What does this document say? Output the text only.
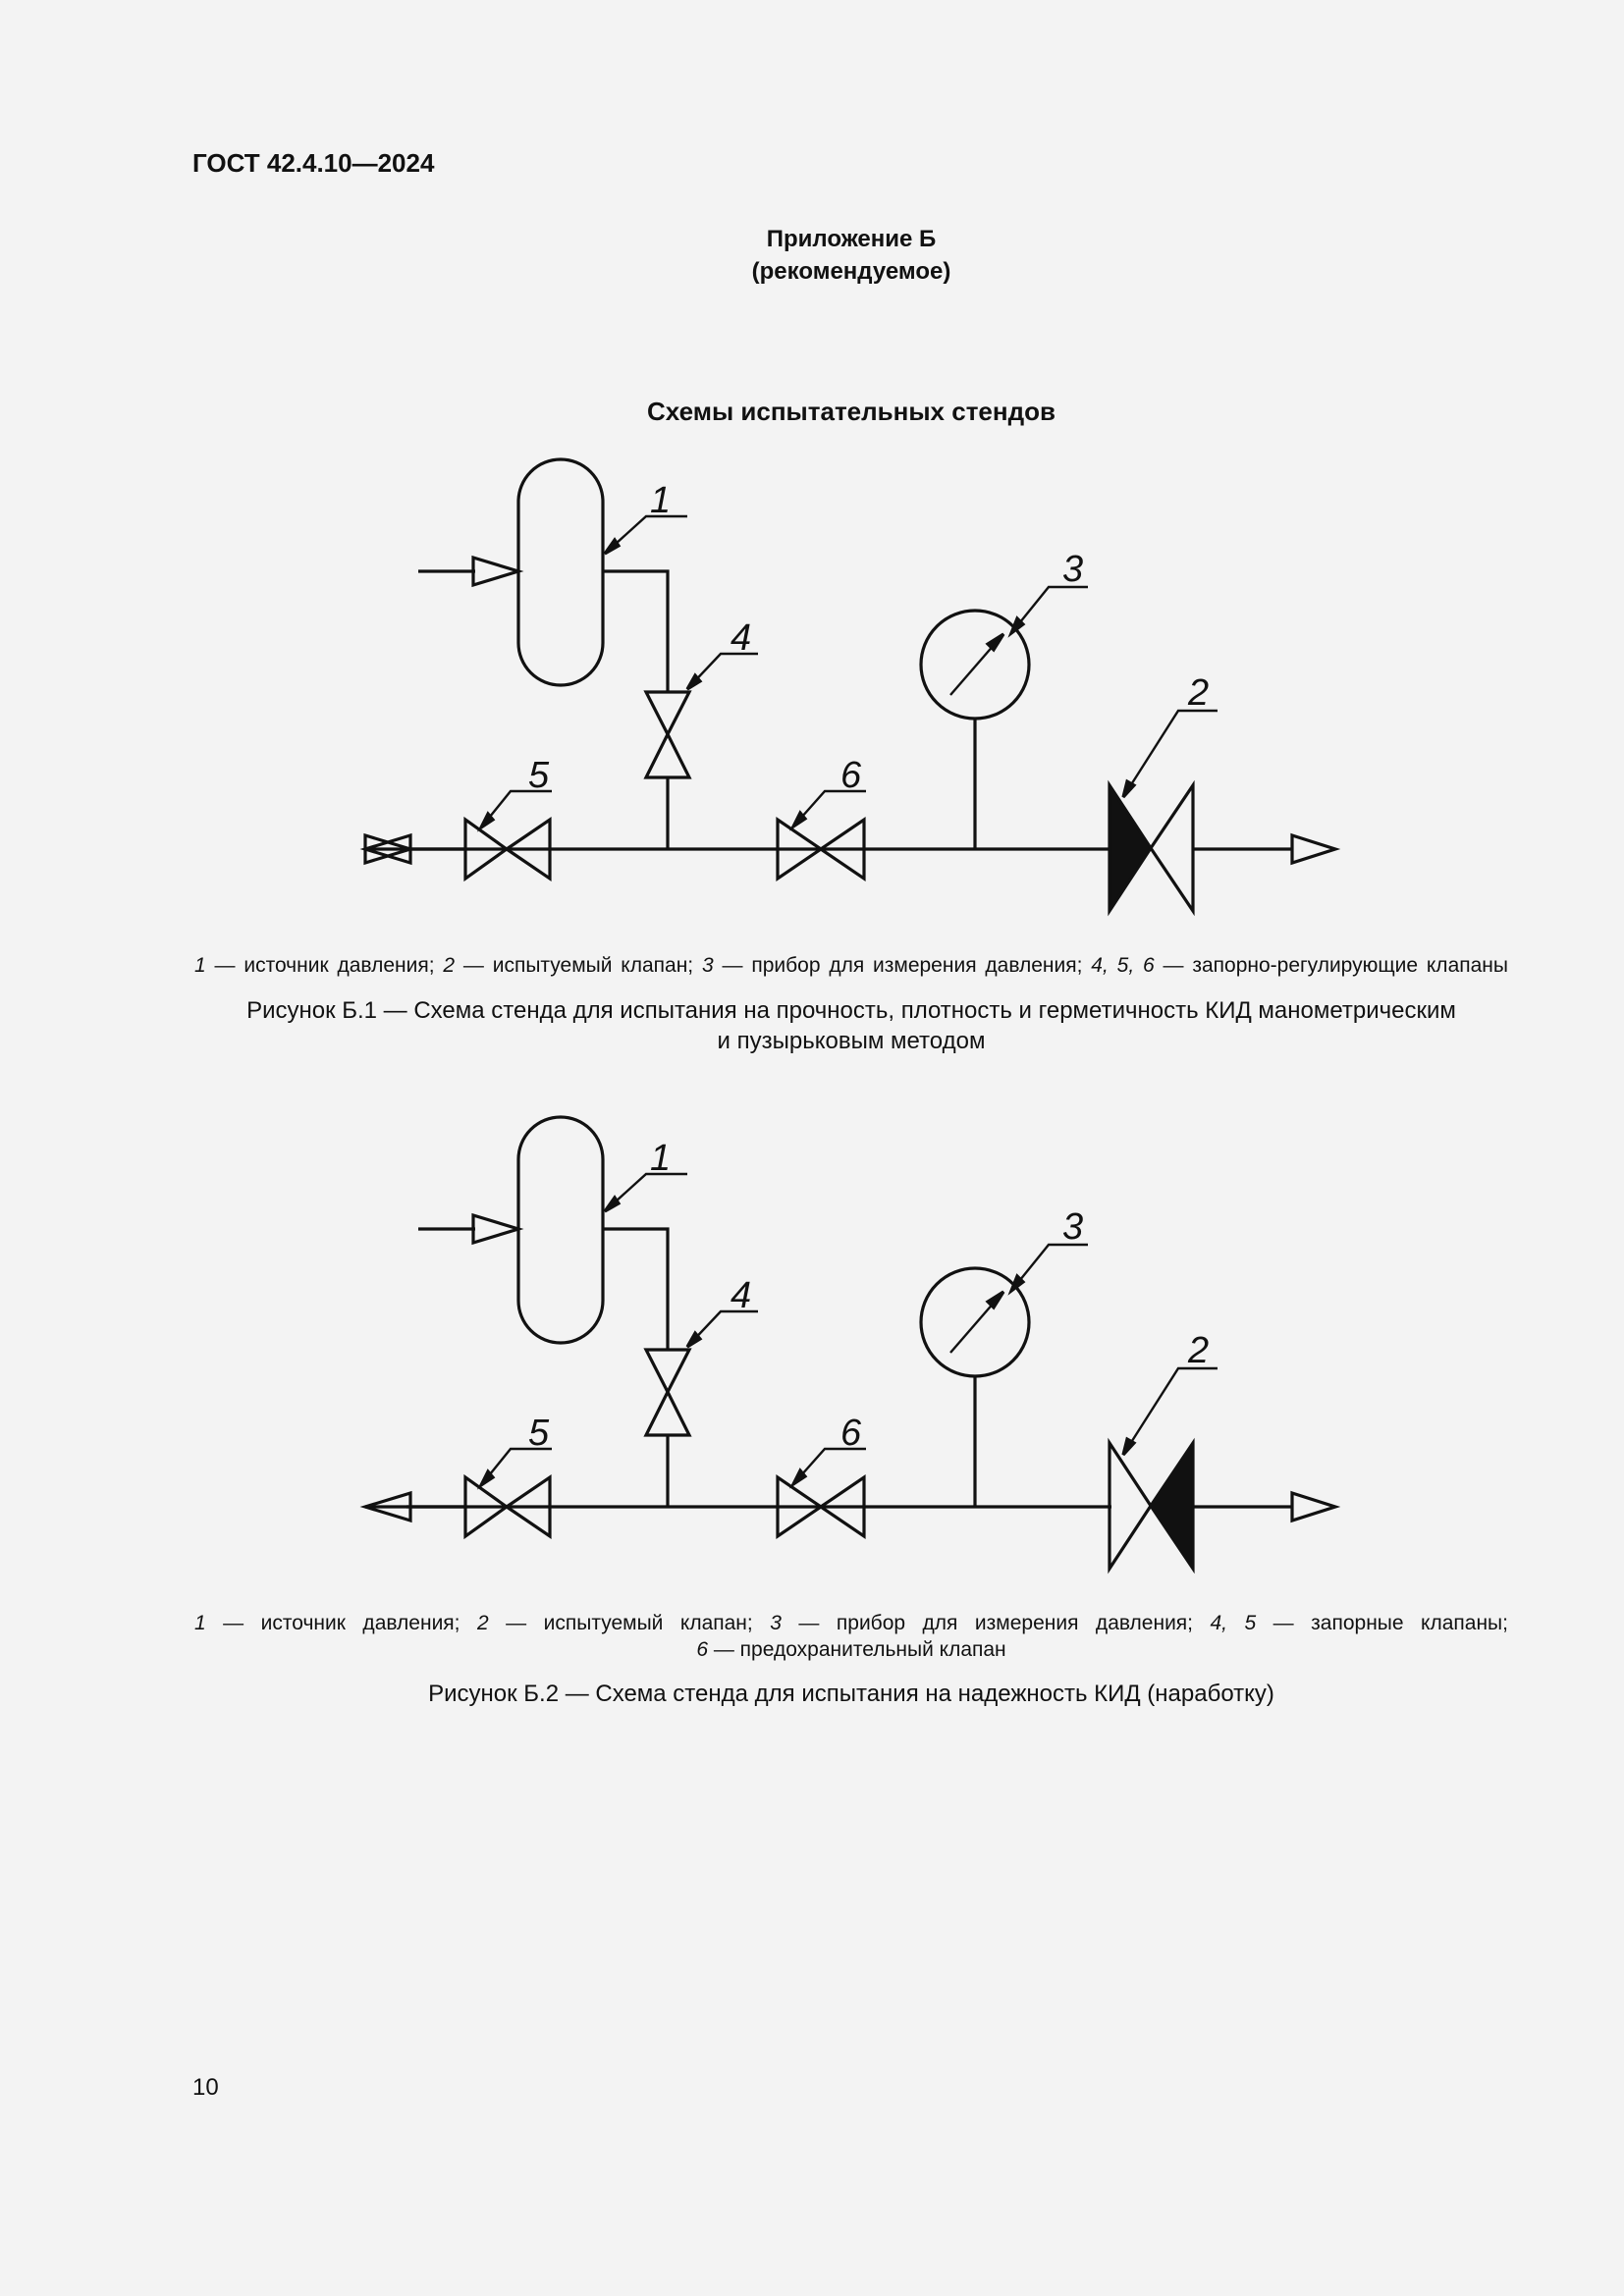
ГОСТ 42.4.10—2024
Приложение Б
(рекомендуемое)
Схемы испытательных стендов
1
4
5	6
3
2
1 — источник давления; 2 — испытуемый клапан; 3 — прибор для измерения давления; 4, 5, 6 — запорно-регулирующие клапаны
Рисунок Б.1 — Схема стенда для испытания на прочность, плотность и герметичность КИД манометрическим
и пузырьковым методом
1
4
5	6
3
2
1 — источник давления; 2 — испытуемый клапан; 3 — прибор для измерения давления; 4, 5 — запорные клапаны;
6 — предохранительный клапан
Рисунок Б.2 — Схема стенда для испытания на надежность КИД (наработку)
10
